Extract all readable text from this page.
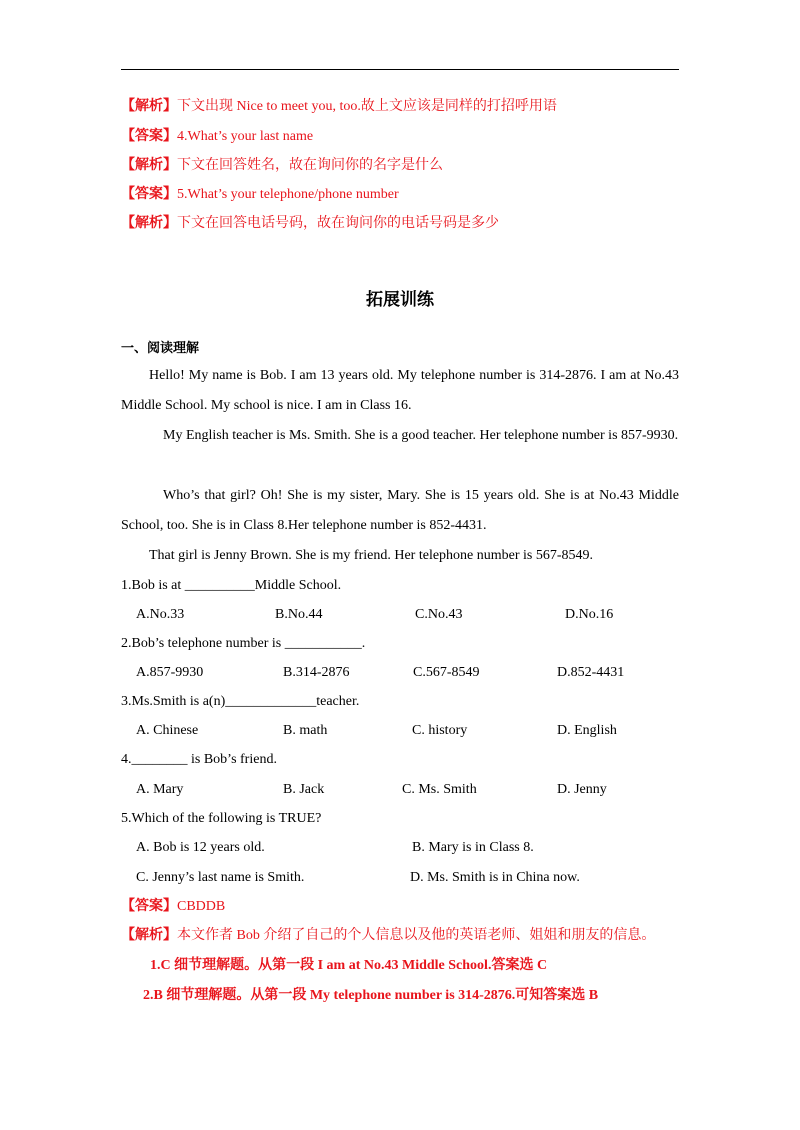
【解析】下文出现 Nice to meet you, too.故上文应该是同样的打招呼用语
【答案】4.What’s your last name
【解析】下文在回答姓名，故在询问你的名字是什么
【答案】5.What’s your telephone/phone number
【解析】下文在回答电话号码，故在询问你的电话号码是多少
拓展训练
一、阅读理解
Hello! My name is Bob. I am 13 years old. My telephone number is 314-2876. I am at No.43 Middle School. My school is nice. I am in Class 16.
My English teacher is Ms. Smith. She is a good teacher. Her telephone number is 857-9930.
Who’s that girl? Oh! She is my sister, Mary. She is 15 years old. She is at No.43 Middle School, too. She is in Class 8.Her telephone number is 852-4431.
That girl is Jenny Brown. She is my friend. Her telephone number is 567-8549.
1.Bob is at __________Middle School.
A.No.33	B.No.44	C.No.43	D.No.16
2.Bob’s telephone number is ___________.
A.857-9930	B.314-2876	C.567-8549	D.852-4431
3.Ms.Smith is a(n)_____________teacher.
A. Chinese	B. math	C. history	D. English
4.________ is Bob’s friend.
A. Mary	B. Jack	C. Ms. Smith	D. Jenny
5.Which of the following is TRUE?
A. Bob is 12 years old.	B. Mary is in Class 8.
C. Jenny’s last name is Smith.	D. Ms. Smith is in China now.
【答案】CBDDB
【解析】本文作者 Bob 介绍了自己的个人信息以及他的英语老师、姐姐和朋友的信息。
1.C 细节理解题。从第一段 I am at No.43 Middle School.答案选 C
2.B 细节理解题。从第一段 My telephone number is 314-2876.可知答案选 B
